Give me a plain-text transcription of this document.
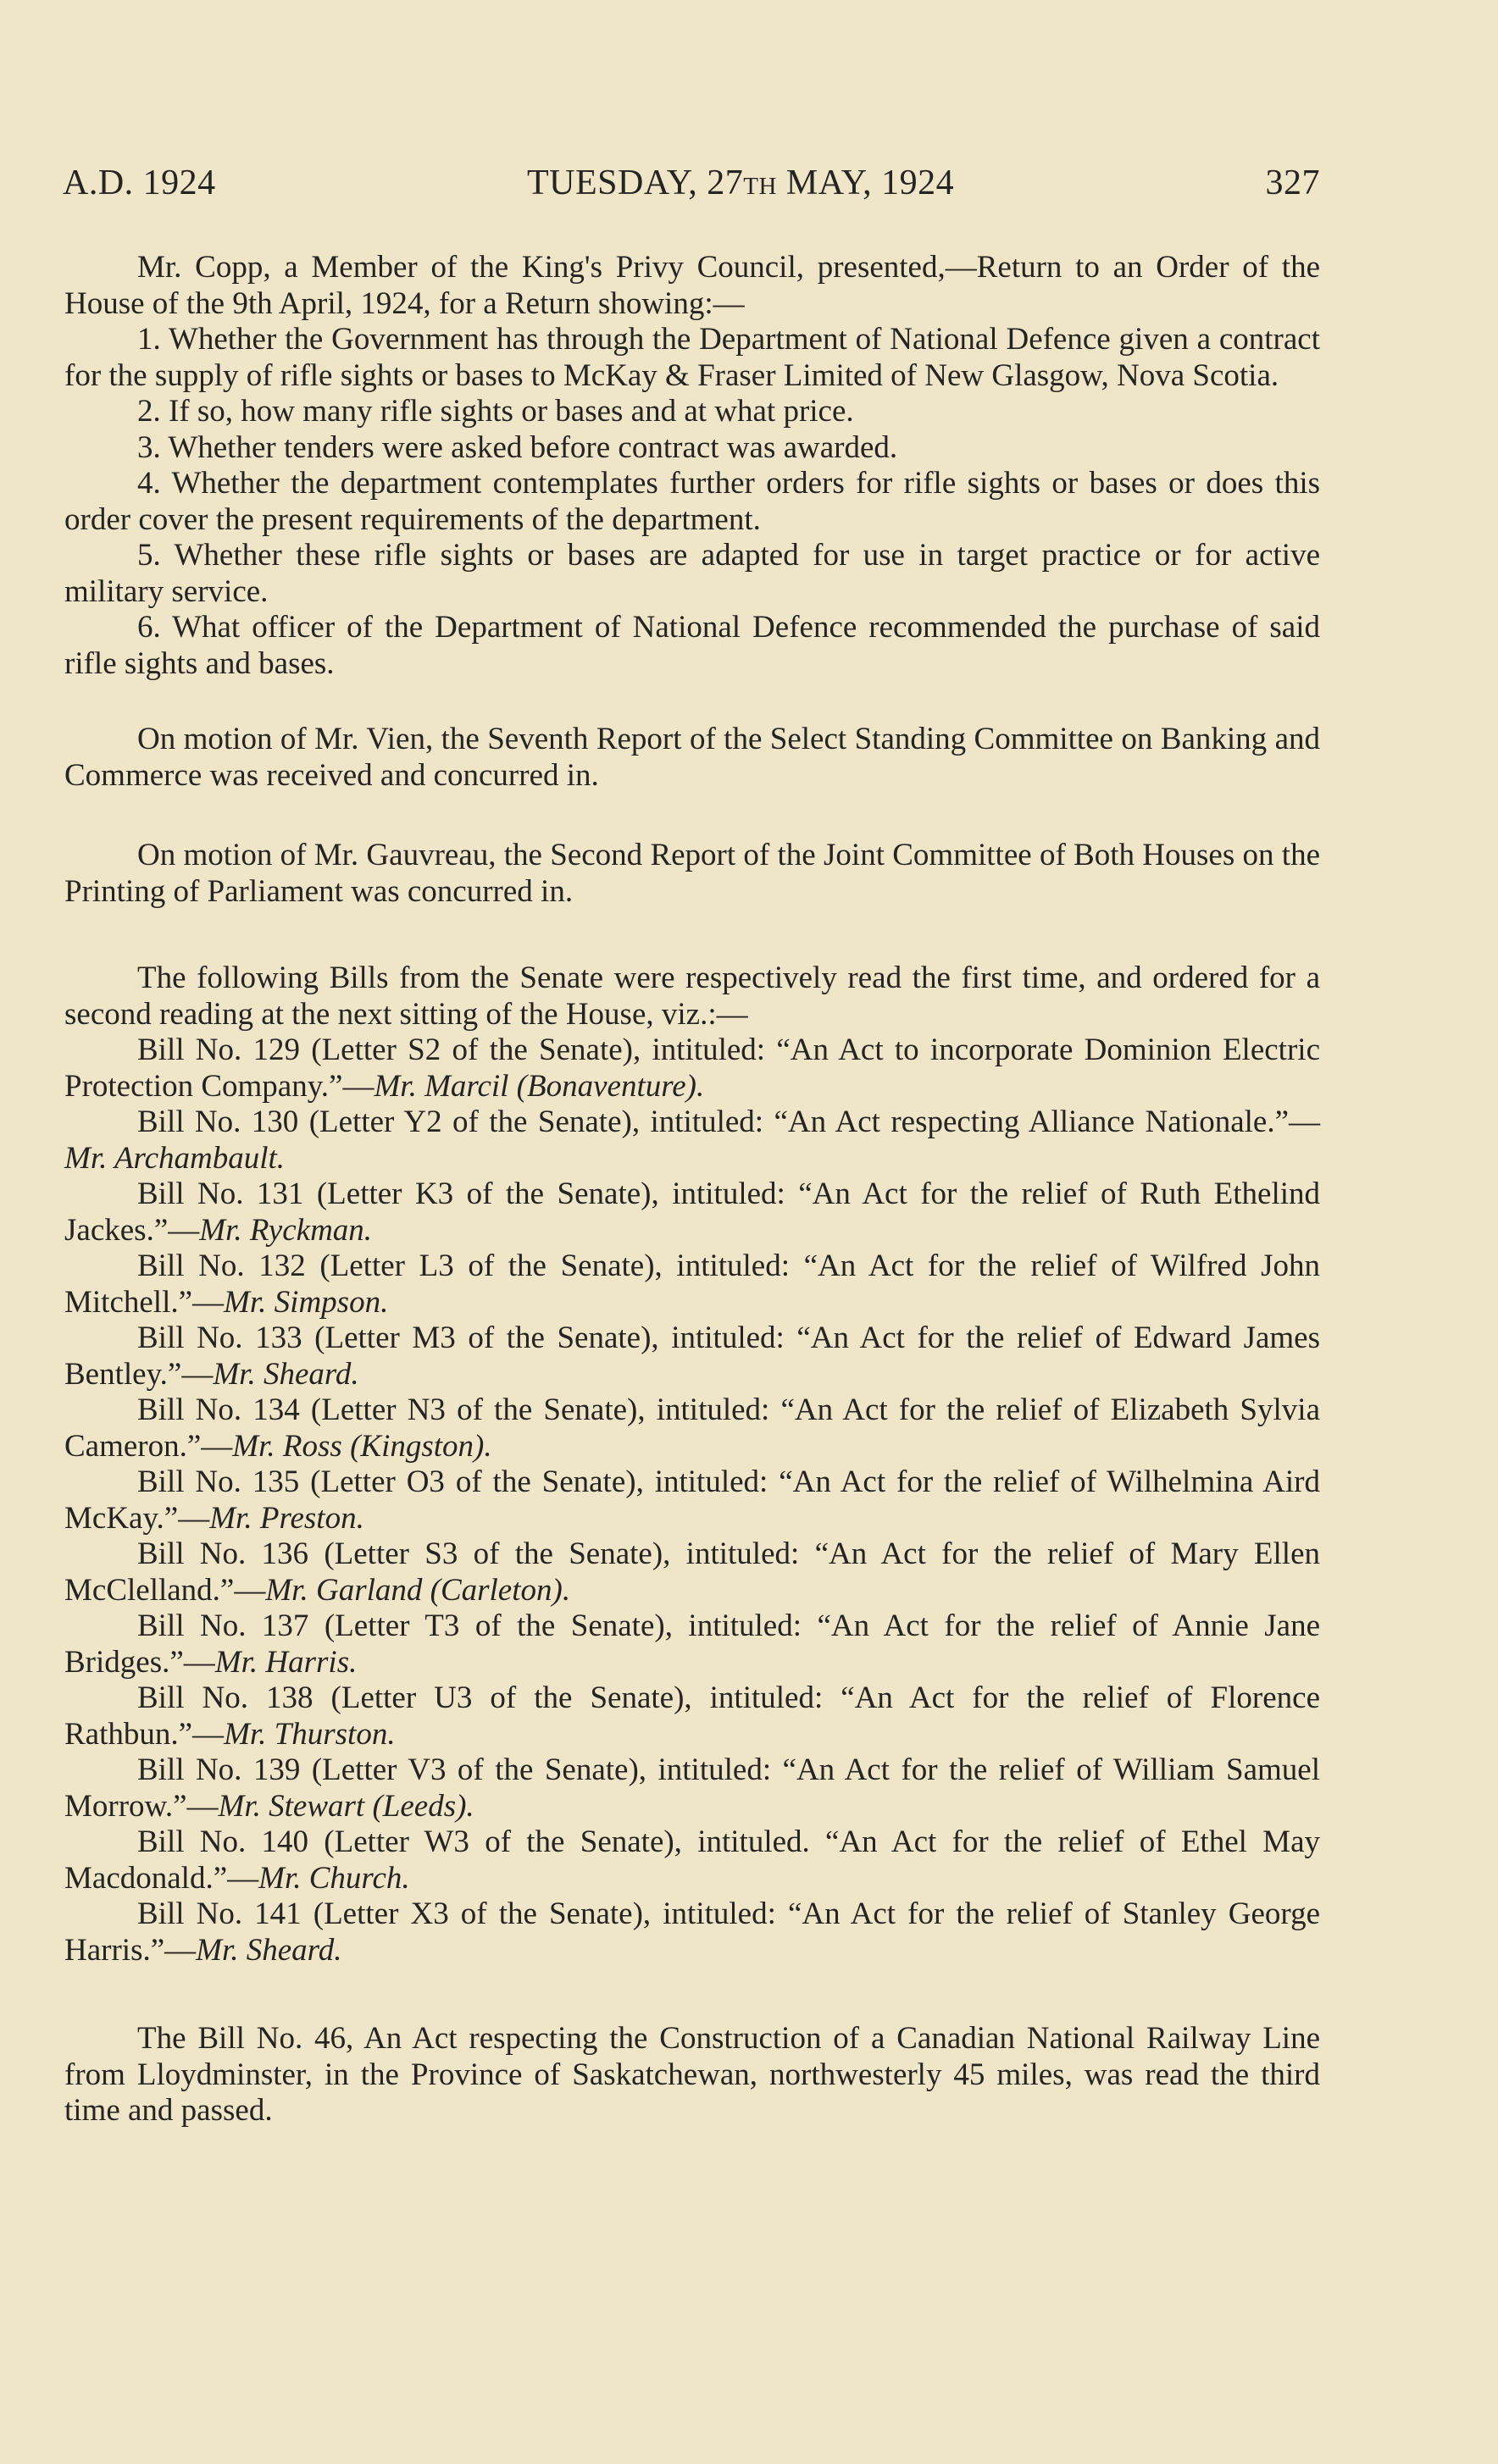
A.D. 1924	TUESDAY, 27TH MAY, 1924	327

Mr. Copp, a Member of the King's Privy Council, presented,—Return to an Order of the House of the 9th April, 1924, for a Return showing:—

1. Whether the Government has through the Department of National Defence given a contract for the supply of rifle sights or bases to McKay & Fraser Limited of New Glasgow, Nova Scotia.

2. If so, how many rifle sights or bases and at what price.

3. Whether tenders were asked before contract was awarded.

4. Whether the department contemplates further orders for rifle sights or bases or does this order cover the present requirements of the department.

5. Whether these rifle sights or bases are adapted for use in target practice or for active military service.

6. What officer of the Department of National Defence recommended the purchase of said rifle sights and bases.

On motion of Mr. Vien, the Seventh Report of the Select Standing Committee on Banking and Commerce was received and concurred in.

On motion of Mr. Gauvreau, the Second Report of the Joint Committee of Both Houses on the Printing of Parliament was concurred in.

The following Bills from the Senate were respectively read the first time, and ordered for a second reading at the next sitting of the House, viz.:—

Bill No. 129 (Letter S2 of the Senate), intituled: “An Act to incorporate Dominion Electric Protection Company.”—Mr. Marcil (Bonaventure).

Bill No. 130 (Letter Y2 of the Senate), intituled: “An Act respecting Alliance Nationale.”—Mr. Archambault.

Bill No. 131 (Letter K3 of the Senate), intituled: “An Act for the relief of Ruth Ethelind Jackes.”—Mr. Ryckman.

Bill No. 132 (Letter L3 of the Senate), intituled: “An Act for the relief of Wilfred John Mitchell.”—Mr. Simpson.

Bill No. 133 (Letter M3 of the Senate), intituled: “An Act for the relief of Edward James Bentley.”—Mr. Sheard.

Bill No. 134 (Letter N3 of the Senate), intituled: “An Act for the relief of Elizabeth Sylvia Cameron.”—Mr. Ross (Kingston).

Bill No. 135 (Letter O3 of the Senate), intituled: “An Act for the relief of Wilhelmina Aird McKay.”—Mr. Preston.

Bill No. 136 (Letter S3 of the Senate), intituled: “An Act for the relief of Mary Ellen McClelland.”—Mr. Garland (Carleton).

Bill No. 137 (Letter T3 of the Senate), intituled: “An Act for the relief of Annie Jane Bridges.”—Mr. Harris.

Bill No. 138 (Letter U3 of the Senate), intituled: “An Act for the relief of Florence Rathbun.”—Mr. Thurston.

Bill No. 139 (Letter V3 of the Senate), intituled: “An Act for the relief of William Samuel Morrow.”—Mr. Stewart (Leeds).

Bill No. 140 (Letter W3 of the Senate), intituled. “An Act for the relief of Ethel May Macdonald.”—Mr. Church.

Bill No. 141 (Letter X3 of the Senate), intituled: “An Act for the relief of Stanley George Harris.”—Mr. Sheard.

The Bill No. 46, An Act respecting the Construction of a Canadian National Railway Line from Lloydminster, in the Province of Saskatchewan, northwesterly 45 miles, was read the third time and passed.
